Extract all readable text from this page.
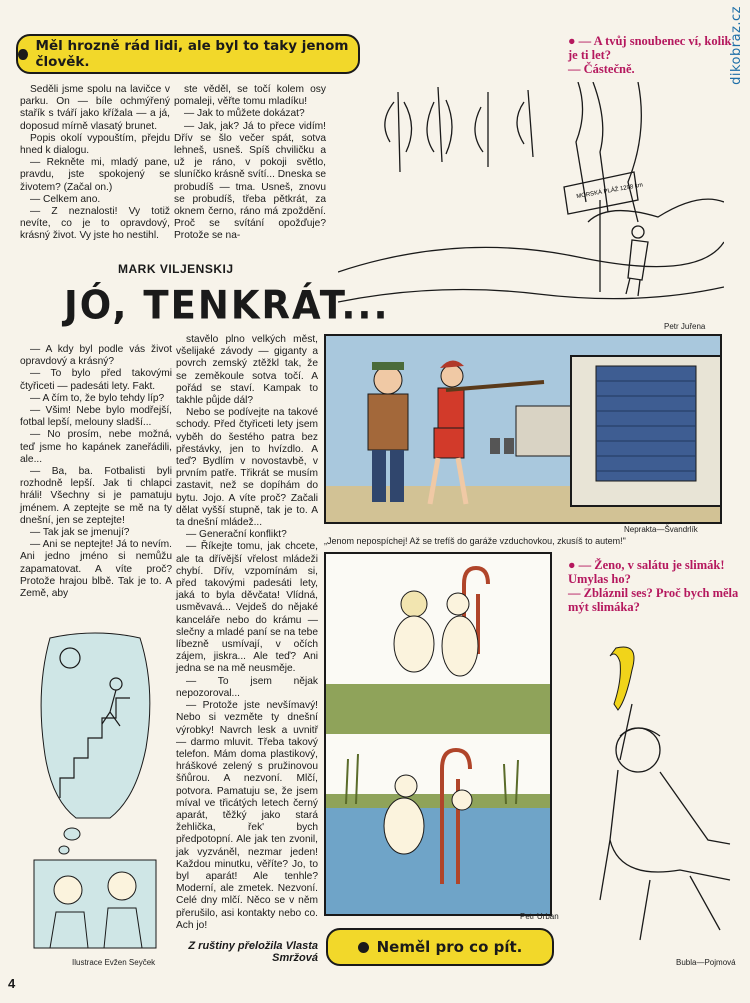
dikobraz.cz
Měl hrozně rád lidi, ale byl to taky jenom člověk.

Seděli jsme spolu na lavičce v parku. On — bíle ochmýřený stařík s tváří jako křížala — a já, doposud mírně vlasatý brunet.

Popis okolí vypouštím, přejdu hned k dialogu.

— Rekněte mi, mladý pane, pravdu, jste spokojený se životem? (Začal on.)

— Celkem ano.

— Z neznalosti! Vy totiž nevíte, co je to opravdový, krásný život. Vy jste ho nestihl.

ste věděl, se točí kolem osy pomaleji, věřte tomu mladíku!

— Jak to můžete dokázat?

— Jak, jak? Já to přece vidím! Dřív se šlo večer spát, sotva lehneš, usneš. Spíš chviličku a už je ráno, v pokoji světlo, sluníčko krásně svítí... Dneska se probudíš — tma. Usneš, znovu se probudíš, třeba pětkrát, za oknem černo, ráno má zpoždění. Proč se svítání opožďuje? Protože se na-

● — A tvůj snoubenec ví, kolik je ti let?
— Částečně.
MORSKÁ PLÁŽ 1298 km
Petr Juřena
MARK VILJENSKIJ
JÓ, TENKRÁT...

— A kdy byl podle vás život opravdový a krásný?

— To bylo před takovými čtyřiceti — padesáti lety. Fakt.

— A čím to, že bylo tehdy líp?

— Všim! Nebe bylo modřejší, fotbal lepší, melouny sladší...

— No prosím, nebe možná, teď jsme ho kapánek zaneřádili, ale...

— Ba, ba. Fotbalisti byli rozhodně lepší. Jak ti chlapci hráli! Všechny si je pamatuju jménem. A zeptejte se mě na ty dnešní, jen se zeptejte!

— Tak jak se jmenují?

— Ani se neptejte! Já to nevím. Ani jedno jméno si nemůžu zapamatovat. A víte proč? Protože hrajou blbě. Tak je to. A Země, aby

stavělo plno velkých měst, všelijaké závody — giganty a povrch zemský ztěžkl tak, že se zeměkoule sotva točí. A pořád se staví. Kampak to takhle půjde dál?

Nebo se podívejte na takové schody. Před čtyřiceti lety jsem vyběh do šestého patra bez přestávky, jen to hvízdlo. A teď? Bydlím v novostavbě, v prvním patře. Třikrát se musím zastavit, než se dopíhám do bytu. Jojo. A víte proč? Začali dělat vyšší stupně, tak je to. A ta dnešní mládež...

— Generační konflikt?

— Říkejte tomu, jak chcete, ale ta dřívější vřelost mládeži chybí. Dřív, vzpomínám si, před takovými padesáti lety, jaká to byla děvčata! Vlídná, usměvavá... Vejdeš do nějaké kanceláře nebo do krámu — slečny a mladé paní se na tebe líbezně usmívají, v očích zájem, jiskra... Ale teď? Ani jedna se na mě neusměje.

— To jsem nějak nepozoroval...

— Protože jste nevšímavý! Nebo si vezměte ty dnešní výrobky! Navrch lesk a uvnitř — darmo mluvit. Třeba takový telefon. Mám doma plastikový, hráškové zelený s pružinovou šňůrou. A nezvoní. Mlčí, potvora. Pamatuju se, že jsem míval ve třicátých letech černý aparát, těžký jako stará žehlička, řek' bych předpotopní. Ale jak ten zvonil, jak vyzváněl, nezmar jeden! Každou minutku, věříte? Jo, to byl aparát! Ale tenhle? Moderní, ale zmetek. Nezvoní. Celé dny mlčí. Něco se v něm přerušilo, asi kontakty nebo co. Ach jo!

Neprakta—Švandrlík
„Jenom nepospíchej! Až se trefíš do garáže vzduchovkou, zkusíš to autem!"
Petr Urban
● — Ženo, v salátu je slimák! Umylas ho?
— Zbláznil ses? Proč bych měla mýt slimáka?
Bubla—Pojmová
Ilustrace Evžen Seyček
Z ruštiny přeložila Vlasta Smržová
Neměl pro co pít.
4
